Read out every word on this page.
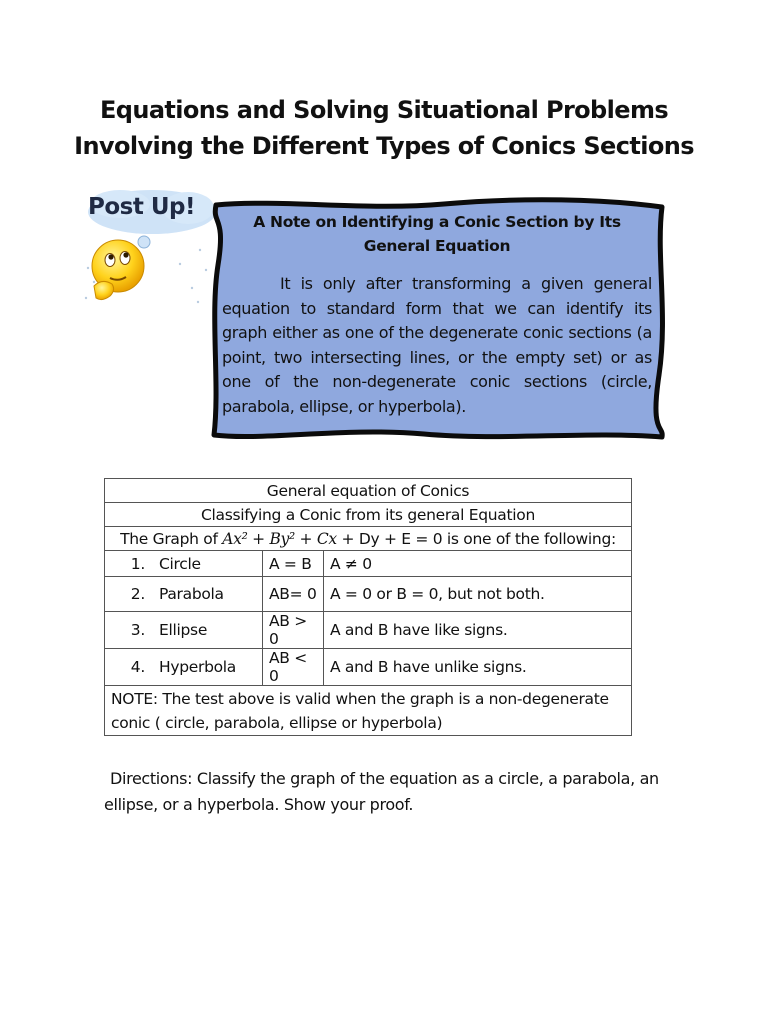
Equations and Solving Situational Problems
Involving the Different Types of Conics Sections
Post Up!
A Note on Identifying a Conic Section by Its
General Equation
It is only after transforming a given general equation to standard form that we can identify its graph either as one of the degenerate conic sections (a point, two intersecting lines, or the empty set) or as one of the non-degenerate conic sections (circle, parabola, ellipse, or hyperbola).
General equation of Conics		
Classifying a Conic from its general Equation		
The Graph of Ax² + By² + Cx + Dy + E = 0 is one of the following:		
1. Circle	A = B	A ≠ 0
2. Parabola	AB= 0	A = 0 or B = 0, but not both.
3. Ellipse	AB > 0	A and B have like signs.
4. Hyperbola	AB < 0	A and B have unlike signs.
NOTE: The test above is valid when the graph is a non-degenerate conic ( circle, parabola, ellipse or hyperbola)		
Directions: Classify the graph of the equation as a circle, a parabola, an ellipse, or a hyperbola. Show your proof.
